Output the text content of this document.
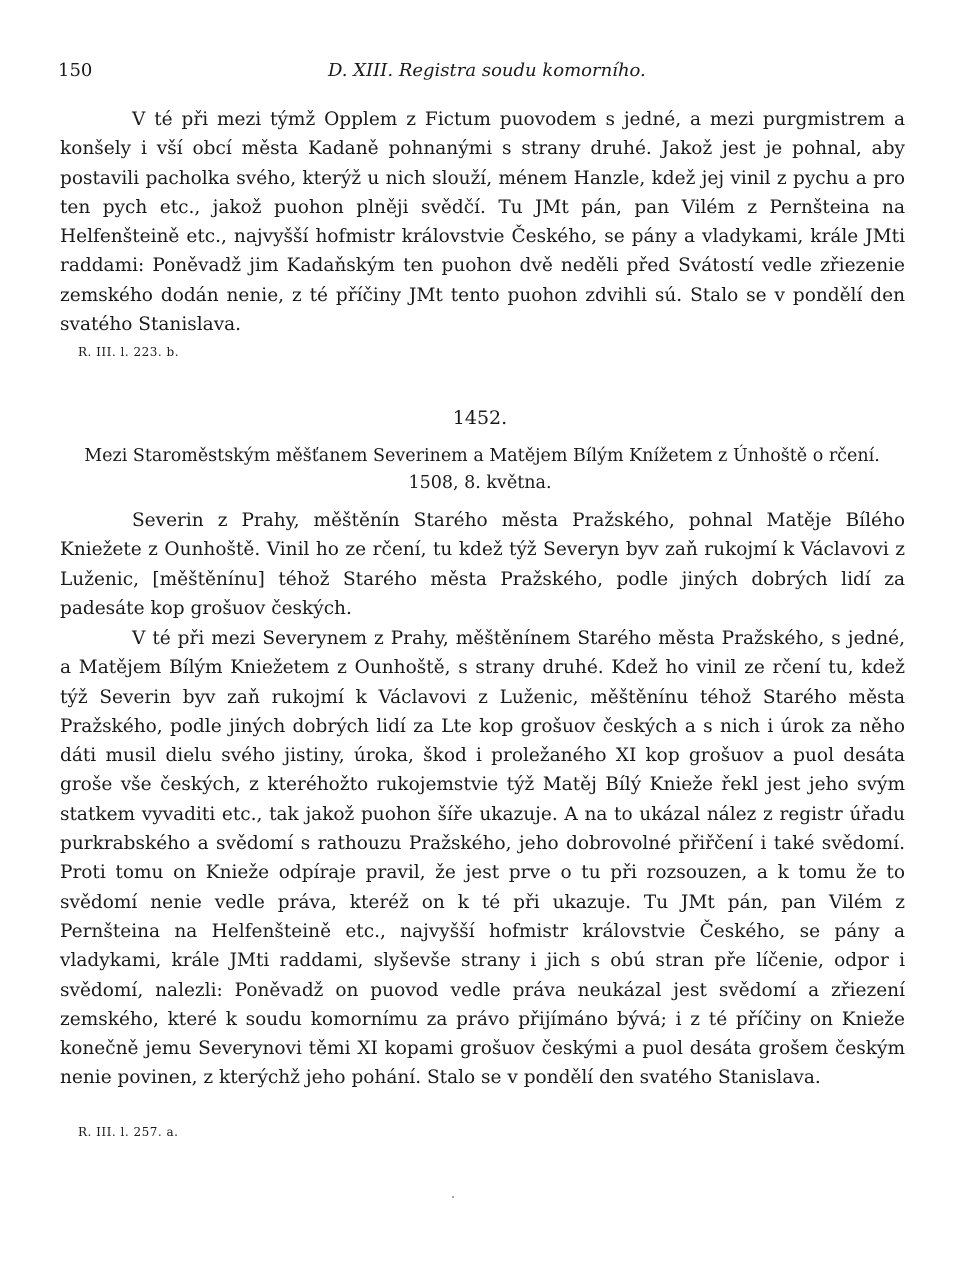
150	D. XIII. Registra soudu komorního.

V té při mezi týmž Opplem z Fictum puovodem s jedné, a mezi purgmistrem a konšely i vší obcí města Kadaně pohnanými s strany druhé. Jakož jest je pohnal, aby postavili pacholka svého, kterýž u nich slouží, ménem Hanzle, kdež jej vinil z pychu a pro ten pych etc., jakož puohon plněji svědčí. Tu JMt pán, pan Vilém z Pernšteina na Helfenšteině etc., najvyšší hofmistr královstvie Českého, se pány a vladykami, krále JMti raddami: Poněvadž jim Kadaňským ten puohon dvě neděli před Svátostí vedle zřiezenie zemského dodán nenie, z té příčiny JMt tento puohon zdvihli sú. Stalo se v pondělí den svatého Stanislava.

R. III. l. 223. b.
1452.
Mezi Staroměstským měšťanem Severinem a Matějem Bílým Knížetem z Únhoště o rčení.
1508, 8. května.

Severin z Prahy, měštěnín Starého města Pražského, pohnal Matěje Bílého Kniežete z Ounhoště. Vinil ho ze rčení, tu kdež týž Severyn byv zaň rukojmí k Václavovi z Luženic, [měštěnínu] téhož Starého města Pražského, podle jiných dobrých lidí za padesáte kop grošuov českých.

V té při mezi Severynem z Prahy, měštěnínem Starého města Pražského, s jedné, a Matějem Bílým Kniežetem z Ounhoště, s strany druhé. Kdež ho vinil ze rčení tu, kdež týž Severin byv zaň rukojmí k Václavovi z Luženic, měštěnínu téhož Starého města Pražského, podle jiných dobrých lidí za Lte kop grošuov českých a s nich i úrok za něho dáti musil dielu svého jistiny, úroka, škod i proležaného XI kop grošuov a puol desáta groše vše českých, z kteréhožto rukojemstvie týž Matěj Bílý Knieže řekl jest jeho svým statkem vyvaditi etc., tak jakož puohon šíře ukazuje. A na to ukázal nález z registr úřadu purkrabského a svědomí s rathouzu Pražského, jeho dobrovolné přiřčení i také svědomí. Proti tomu on Knieže odpíraje pravil, že jest prve o tu při rozsouzen, a k tomu že to svědomí nenie vedle práva, kteréž on k té při ukazuje. Tu JMt pán, pan Vilém z Pernšteina na Helfenšteině etc., najvyšší hofmistr královstvie Českého, se pány a vladykami, krále JMti raddami, slyševše strany i jich s obú stran pře líčenie, odpor i svědomí, nalezli: Poněvadž on puovod vedle práva neukázal jest svědomí a zřiezení zemského, které k soudu komornímu za právo přijímáno bývá; i z té příčiny on Knieže konečně jemu Severynovi těmi XI kopami grošuov českými a puol desáta grošem českým nenie povinen, z kterýchž jeho pohání. Stalo se v pondělí den svatého Stanislava.

R. III. l. 257. a.
